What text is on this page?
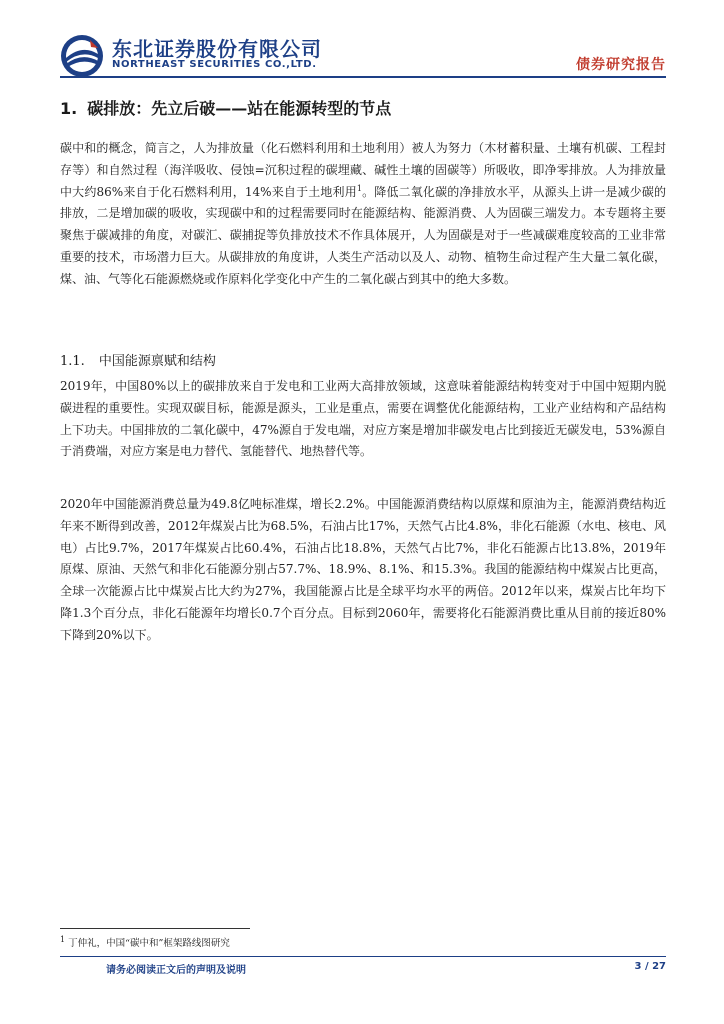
东北证券股份有限公司
NORTHEAST SECURITIES CO.,LTD.	债券研究报告
1. 碳排放：先立后破——站在能源转型的节点
碳中和的概念，简言之，人为排放量（化石燃料利用和土地利用）被人为努力（木材蓄积量、土壤有机碳、工程封存等）和自然过程（海洋吸收、侵蚀=沉积过程的碳埋藏、碱性土壤的固碳等）所吸收，即净零排放。人为排放量中大约86%来自于化石燃料利用，14%来自于土地利用$^1$。降低二氧化碳的净排放水平，从源头上讲一是减少碳的排放，二是增加碳的吸收，实现碳中和的过程需要同时在能源结构、能源消费、人为固碳三端发力。本专题将主要聚焦于碳减排的角度，对碳汇、碳捕捉等负排放技术不作具体展开，人为固碳是对于一些减碳难度较高的工业非常重要的技术，市场潜力巨大。从碳排放的角度讲，人类生产活动以及人、动物、植物生命过程产生大量二氧化碳，煤、油、气等化石能源燃烧或作原料化学变化中产生的二氧化碳占到其中的绝大多数。
1.1. 中国能源禀赋和结构
2019年，中国80%以上的碳排放来自于发电和工业两大高排放领域，这意味着能源结构转变对于中国中短期内脱碳进程的重要性。实现双碳目标，能源是源头，工业是重点，需要在调整优化能源结构，工业产业结构和产品结构上下功夫。中国排放的二氧化碳中，47%源自于发电端，对应方案是增加非碳发电占比到接近无碳发电，53%源自于消费端，对应方案是电力替代、氢能替代、地热替代等。
2020年中国能源消费总量为49.8亿吨标准煤，增长2.2%。中国能源消费结构以原煤和原油为主，能源消费结构近年来不断得到改善，2012年煤炭占比为68.5%，石油占比17%，天然气占比4.8%，非化石能源（水电、核电、风电）占比9.7%，2017年煤炭占比60.4%，石油占比18.8%，天然气占比7%，非化石能源占比13.8%，2019年原煤、原油、天然气和非化石能源分别占57.7%、18.9%、8.1%、和15.3%。我国的能源结构中煤炭占比更高，全球一次能源占比中煤炭占比大约为27%，我国能源占比是全球平均水平的两倍。2012年以来，煤炭占比年均下降1.3个百分点，非化石能源年均增长0.7个百分点。目标到2060年，需要将化石能源消费比重从目前的接近80%下降到20%以下。
$^1$ 丁仲礼，中国“碳中和”框架路线图研究
请务必阅读正文后的声明及说明	3 / 27
